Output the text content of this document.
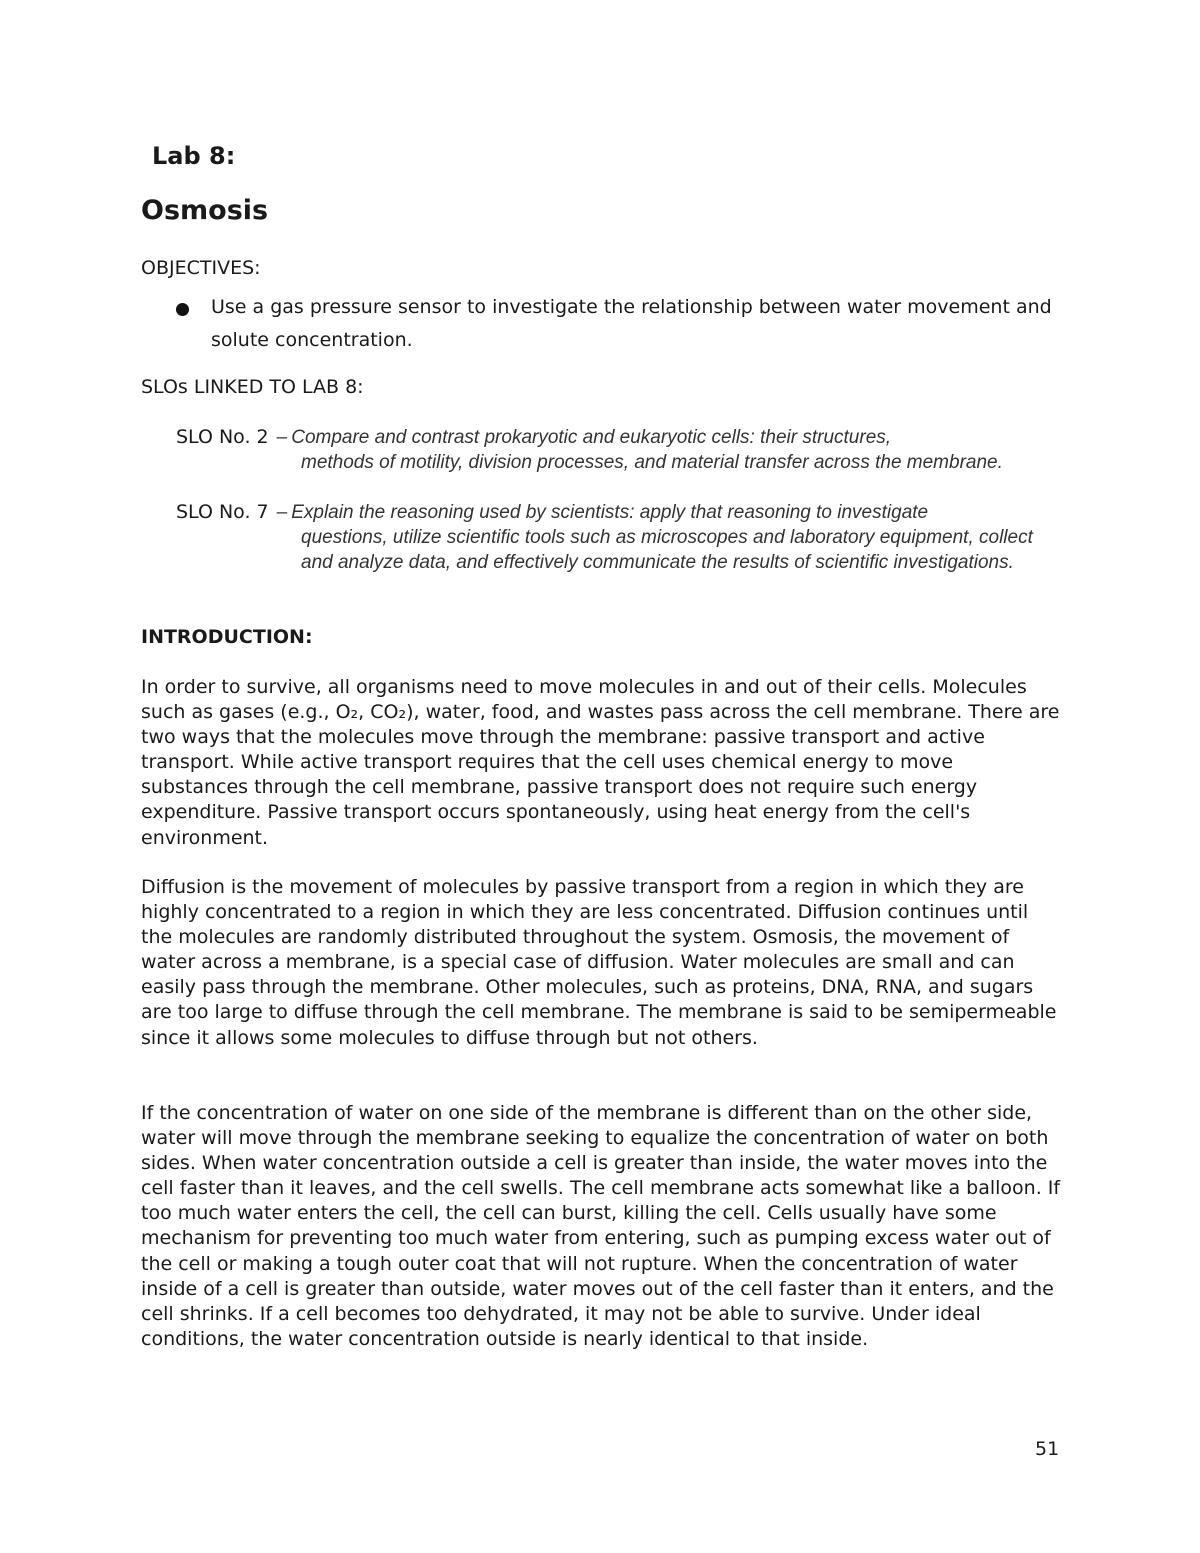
Lab 8:
Osmosis

OBJECTIVES:

Use a gas pressure sensor to investigate the relationship between water movement and solute concentration.

SLOs LINKED TO LAB 8:

SLO No. 2 – Compare and contrast prokaryotic and eukaryotic cells: their structures,
methods of motility, division processes, and material transfer across the membrane.
SLO No. 7 – Explain the reasoning used by scientists: apply that reasoning to investigate
questions, utilize scientific tools such as microscopes and laboratory equipment, collect and analyze data, and effectively communicate the results of scientific investigations.

INTRODUCTION:

In order to survive, all organisms need to move molecules in and out of their cells. Molecules such as gases (e.g., O₂, CO₂), water, food, and wastes pass across the cell membrane. There are two ways that the molecules move through the membrane: passive transport and active transport. While active transport requires that the cell uses chemical energy to move substances through the cell membrane, passive transport does not require such energy expenditure. Passive transport occurs spontaneously, using heat energy from the cell's environment.

Diffusion is the movement of molecules by passive transport from a region in which they are highly concentrated to a region in which they are less concentrated. Diffusion continues until the molecules are randomly distributed throughout the system. Osmosis, the movement of water across a membrane, is a special case of diffusion. Water molecules are small and can easily pass through the membrane. Other molecules, such as proteins, DNA, RNA, and sugars are too large to diffuse through the cell membrane. The membrane is said to be semipermeable since it allows some molecules to diffuse through but not others.

If the concentration of water on one side of the membrane is different than on the other side, water will move through the membrane seeking to equalize the concentration of water on both sides. When water concentration outside a cell is greater than inside, the water moves into the cell faster than it leaves, and the cell swells. The cell membrane acts somewhat like a balloon. If too much water enters the cell, the cell can burst, killing the cell. Cells usually have some mechanism for preventing too much water from entering, such as pumping excess water out of the cell or making a tough outer coat that will not rupture. When the concentration of water inside of a cell is greater than outside, water moves out of the cell faster than it enters, and the cell shrinks. If a cell becomes too dehydrated, it may not be able to survive. Under ideal conditions, the water concentration outside is nearly identical to that inside.

51
